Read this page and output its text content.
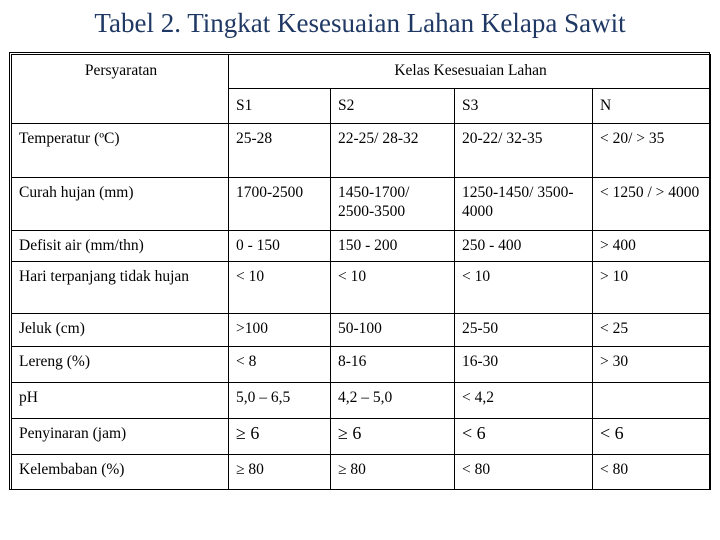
Tabel 2. Tingkat Kesesuaian Lahan Kelapa Sawit
Persyaratan	Kelas Kesesuaian Lahan			
	S1	S2	S3	N
Temperatur (ºC)	25-28	22-25/ 28-32	20-22/ 32-35	< 20/ > 35
Curah hujan (mm)	1700-2500	1450-1700/ 2500-3500	1250-1450/ 3500-4000	< 1250 / > 4000
Defisit air (mm/thn)	0 - 150	150 - 200	250 - 400	> 400
Hari terpanjang tidak hujan	< 10	< 10	< 10	> 10
Jeluk (cm)	>100	50-100	25-50	< 25
Lereng (%)	< 8	8-16	16-30	> 30
pH	5,0 – 6,5	4,2 – 5,0	< 4,2	
Penyinaran (jam)	≥ 6	≥ 6	< 6	< 6
Kelembaban (%)	≥ 80	≥ 80	< 80	< 80
